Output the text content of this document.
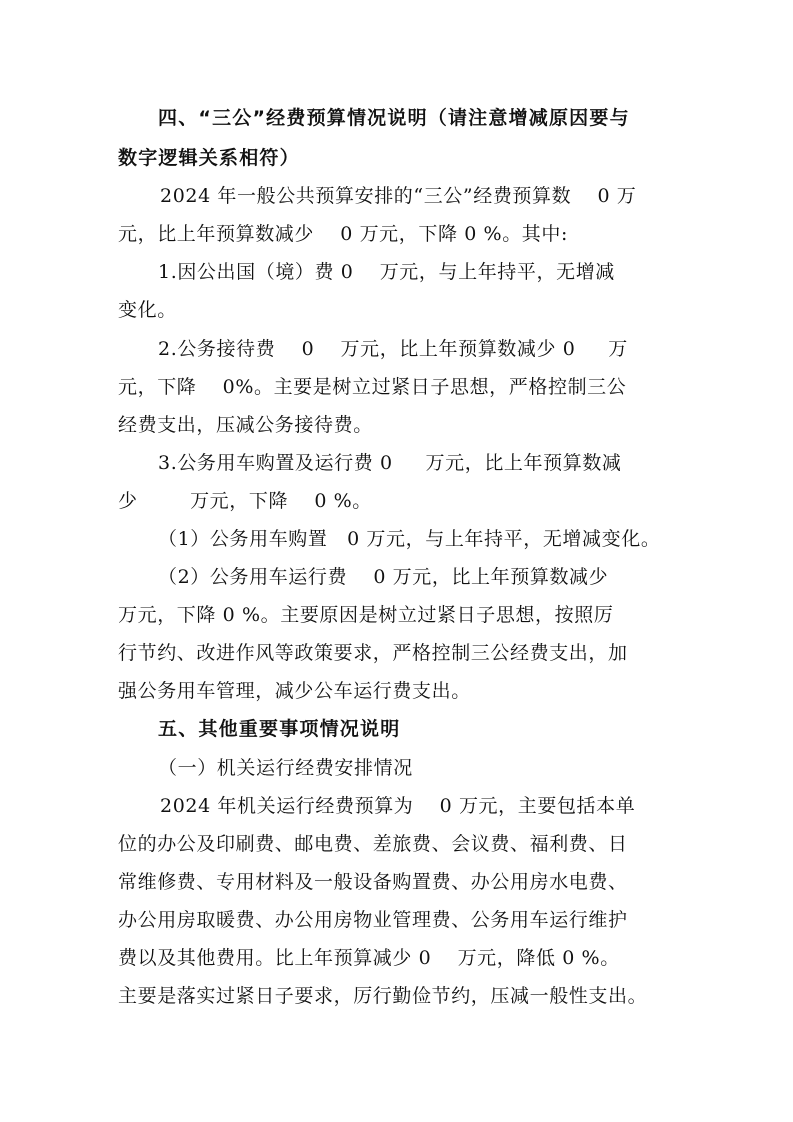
四、“三公”经费预算情况说明（请注意增减原因要与
数字逻辑关系相符）
2024 年一般公共预算安排的“三公”经费预算数　 0 万
元，比上年预算数减少　 0 万元，下降 0 %。其中:
1.因公出国（境）费 0 　万元，与上年持平，无增减
变化。
2.公务接待费 　0 　万元，比上年预算数减少 0 　 万
元，下降 　0%。主要是树立过紧日子思想，严格控制三公
经费支出，压减公务接待费。
3.公务用车购置及运行费 0 　 万元，比上年预算数减
少 　 　万元，下降 　0 %。
（1）公务用车购置　0 万元，与上年持平，无增减变化。
（2）公务用车运行费　 0 万元，比上年预算数减少
万元，下降 0 %。主要原因是树立过紧日子思想，按照厉
行节约、改进作风等政策要求，严格控制三公经费支出，加
强公务用车管理，减少公车运行费支出。
五、其他重要事项情况说明
（一）机关运行经费安排情况
2024 年机关运行经费预算为　 0 万元，主要包括本单
位的办公及印刷费、邮电费、差旅费、会议费、福利费、日
常维修费、专用材料及一般设备购置费、办公用房水电费、
办公用房取暖费、办公用房物业管理费、公务用车运行维护
费以及其他费用。比上年预算减少 0 　万元，降低 0 %。
主要是落实过紧日子要求，厉行勤俭节约，压减一般性支出。
